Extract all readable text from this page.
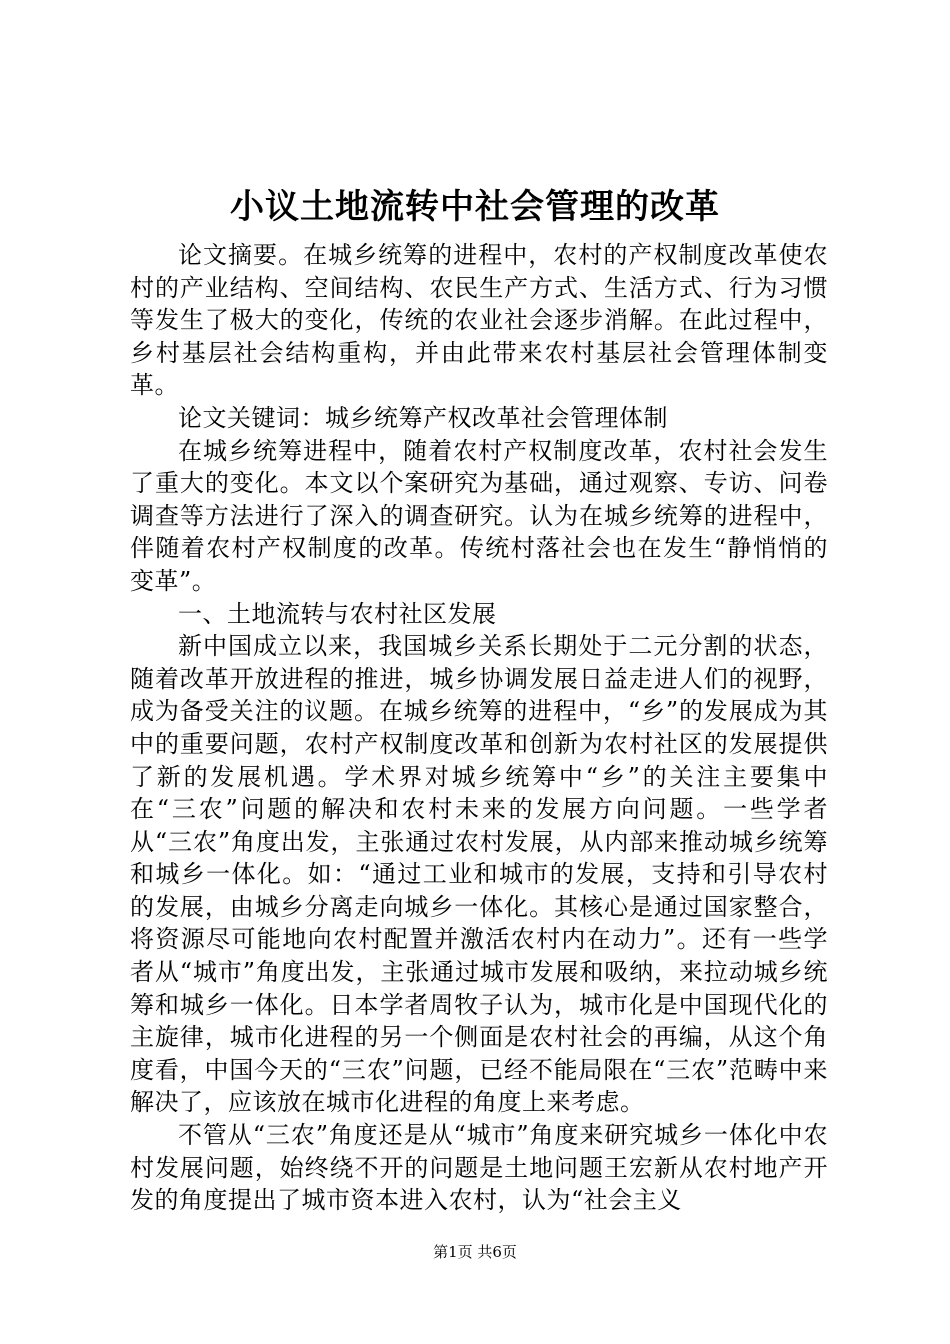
小议土地流转中社会管理的改革

论文摘要。在城乡统筹的进程中，农村的产权制度改革使农村的产业结构、空间结构、农民生产方式、生活方式、行为习惯等发生了极大的变化，传统的农业社会逐步消解。在此过程中，乡村基层社会结构重构，并由此带来农村基层社会管理体制变革。

论文关键词：城乡统筹产权改革社会管理体制

在城乡统筹进程中，随着农村产权制度改革，农村社会发生了重大的变化。本文以个案研究为基础，通过观察、专访、问卷调查等方法进行了深入的调查研究。认为在城乡统筹的进程中，伴随着农村产权制度的改革。传统村落社会也在发生“静悄悄的变革”。

一、土地流转与农村社区发展

新中国成立以来，我国城乡关系长期处于二元分割的状态，随着改革开放进程的推进，城乡协调发展日益走进人们的视野，成为备受关注的议题。在城乡统筹的进程中，“乡”的发展成为其中的重要问题，农村产权制度改革和创新为农村社区的发展提供了新的发展机遇。学术界对城乡统筹中“乡”的关注主要集中在“三农”问题的解决和农村未来的发展方向问题。一些学者从“三农”角度出发，主张通过农村发展，从内部来推动城乡统筹和城乡一体化。如：“通过工业和城市的发展，支持和引导农村的发展，由城乡分离走向城乡一体化。其核心是通过国家整合，将资源尽可能地向农村配置并激活农村内在动力”。还有一些学者从“城市”角度出发，主张通过城市发展和吸纳，来拉动城乡统筹和城乡一体化。日本学者周牧子认为，城市化是中国现代化的主旋律，城市化进程的另一个侧面是农村社会的再编，从这个角度看，中国今天的“三农”问题，已经不能局限在“三农”范畴中来解决了，应该放在城市化进程的角度上来考虑。

不管从“三农”角度还是从“城市”角度来研究城乡一体化中农村发展问题，始终绕不开的问题是土地问题王宏新从农村地产开发的角度提出了城市资本进入农村，认为“社会主义

第1页 共6页
